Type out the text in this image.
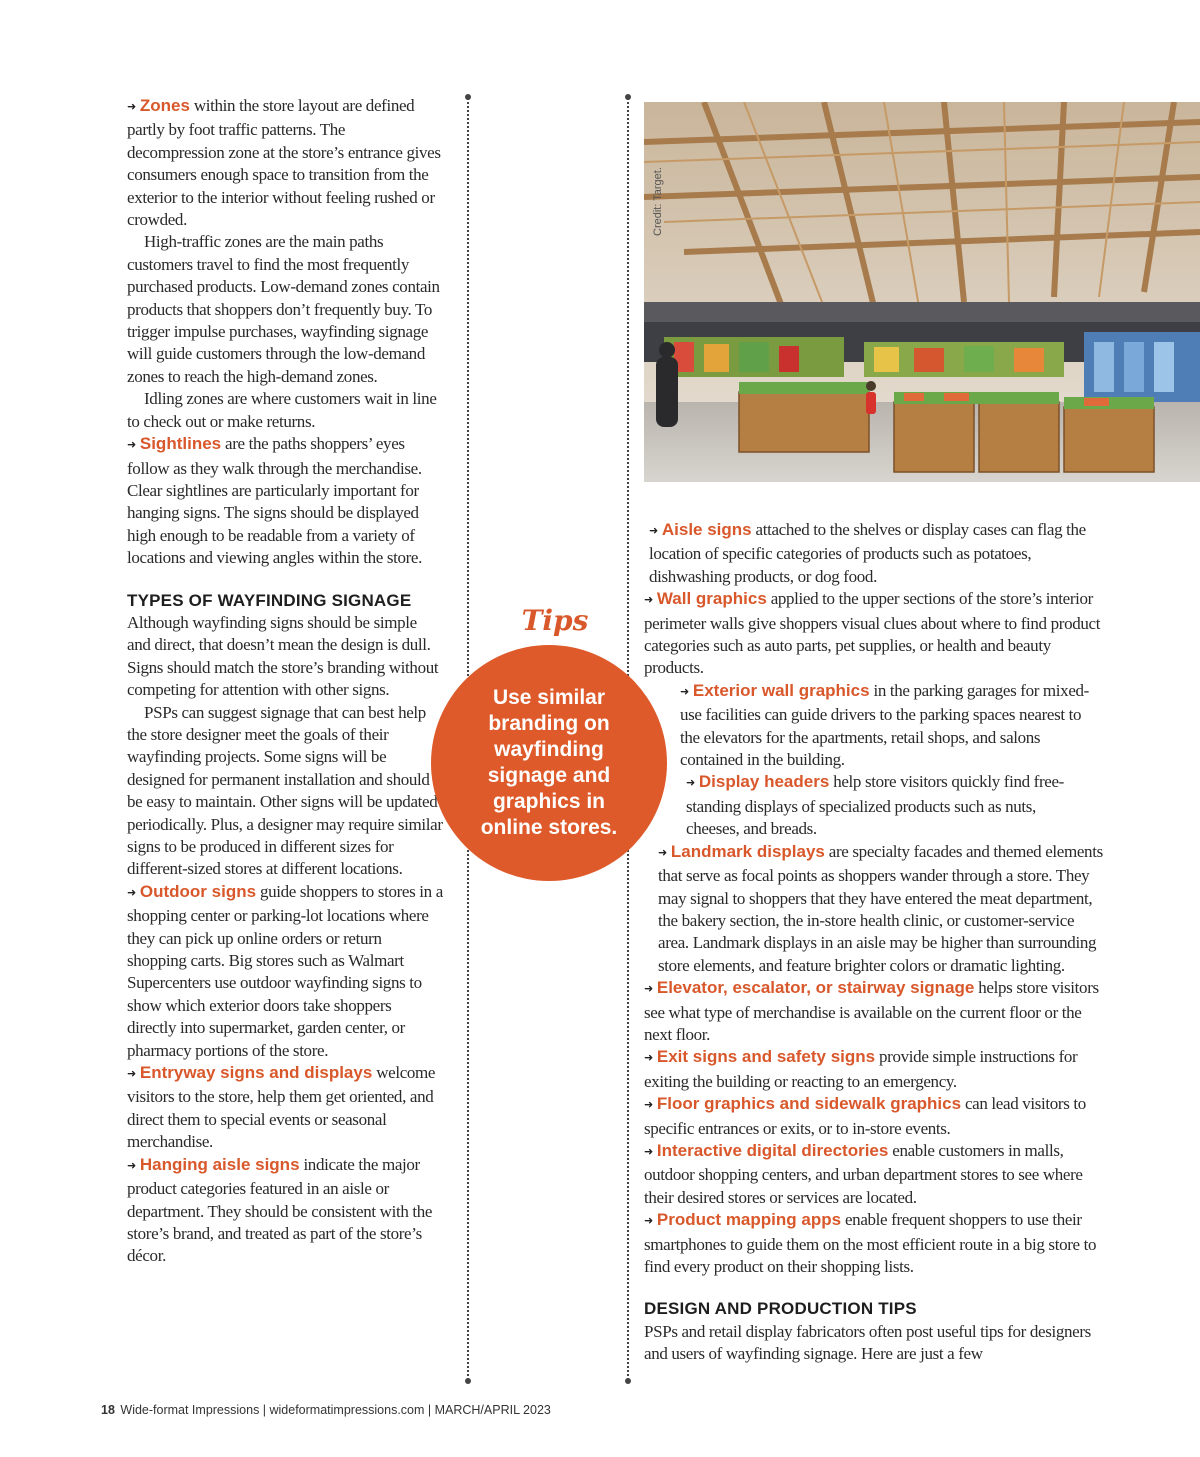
➜ Zones within the store layout are defined partly by foot traffic patterns. The decompression zone at the store’s entrance gives consumers enough space to transition from the exterior to the interior without feeling rushed or crowded.

High-traffic zones are the main paths customers travel to find the most frequently purchased products. Low-demand zones contain products that shoppers don’t frequently buy. To trigger impulse purchases, wayfinding signage will guide customers through the low-demand zones to reach the high-demand zones.

Idling zones are where customers wait in line to check out or make returns.

➜ Sightlines are the paths shoppers’ eyes follow as they walk through the merchandise. Clear sightlines are particularly important for hanging signs. The signs should be displayed high enough to be readable from a variety of locations and viewing angles within the store.

TYPES OF WAYFINDING SIGNAGE

Although wayfinding signs should be simple and direct, that doesn’t mean the design is dull. Signs should match the store’s branding without competing for attention with other signs.

PSPs can suggest signage that can best help the store designer meet the goals of their wayfinding projects. Some signs will be designed for permanent installation and should be easy to maintain. Other signs will be updated periodically. Plus, a designer may require similar signs to be produced in different sizes for different-sized stores at different locations.

➜ Outdoor signs guide shoppers to stores in a shopping center or parking-lot locations where they can pick up online orders or return shopping carts. Big stores such as Walmart Supercenters use outdoor wayfinding signs to show which exterior doors take shoppers directly into supermarket, garden center, or pharmacy portions of the store.

➜ Entryway signs and displays welcome visitors to the store, help them get oriented, and direct them to special events or seasonal merchandise.

➜ Hanging aisle signs indicate the major product categories featured in an aisle or department. They should be consistent with the store’s brand, and treated as part of the store’s décor.

Tips
Use similar branding on wayfinding signage and graphics in online stores.
Credit: Target.

➜ Aisle signs attached to the shelves or display cases can flag the location of specific categories of products such as potatoes, dishwashing products, or dog food.

➜ Wall graphics applied to the upper sections of the store’s interior perimeter walls give shoppers visual clues about where to find product categories such as auto parts, pet supplies, or health and beauty products.

➜ Exterior wall graphics in the parking garages for mixed-use facilities can guide drivers to the parking spaces nearest to the elevators for the apartments, retail shops, and salons contained in the building.

➜ Display headers help store visitors quickly find free-standing displays of specialized products such as nuts, cheeses, and breads.

➜ Landmark displays are specialty facades and themed elements that serve as focal points as shoppers wander through a store. They may signal to shoppers that they have entered the meat department, the bakery section, the in-store health clinic, or customer-service area. Landmark displays in an aisle may be higher than surrounding store elements, and feature brighter colors or dramatic lighting.

➜ Elevator, escalator, or stairway signage helps store visitors see what type of merchandise is available on the current floor or the next floor.

➜ Exit signs and safety signs provide simple instructions for exiting the building or reacting to an emergency.

➜ Floor graphics and sidewalk graphics can lead visitors to specific entrances or exits, or to in-store events.

➜ Interactive digital directories enable customers in malls, outdoor shopping centers, and urban department stores to see where their desired stores or services are located.

➜ Product mapping apps enable frequent shoppers to use their smartphones to guide them on the most efficient route in a big store to find every product on their shopping lists.

DESIGN AND PRODUCTION TIPS

PSPs and retail display fabricators often post useful tips for designers and users of wayfinding signage. Here are just a few

18 Wide-format Impressions | wideformatimpressions.com | MARCH/APRIL 2023
